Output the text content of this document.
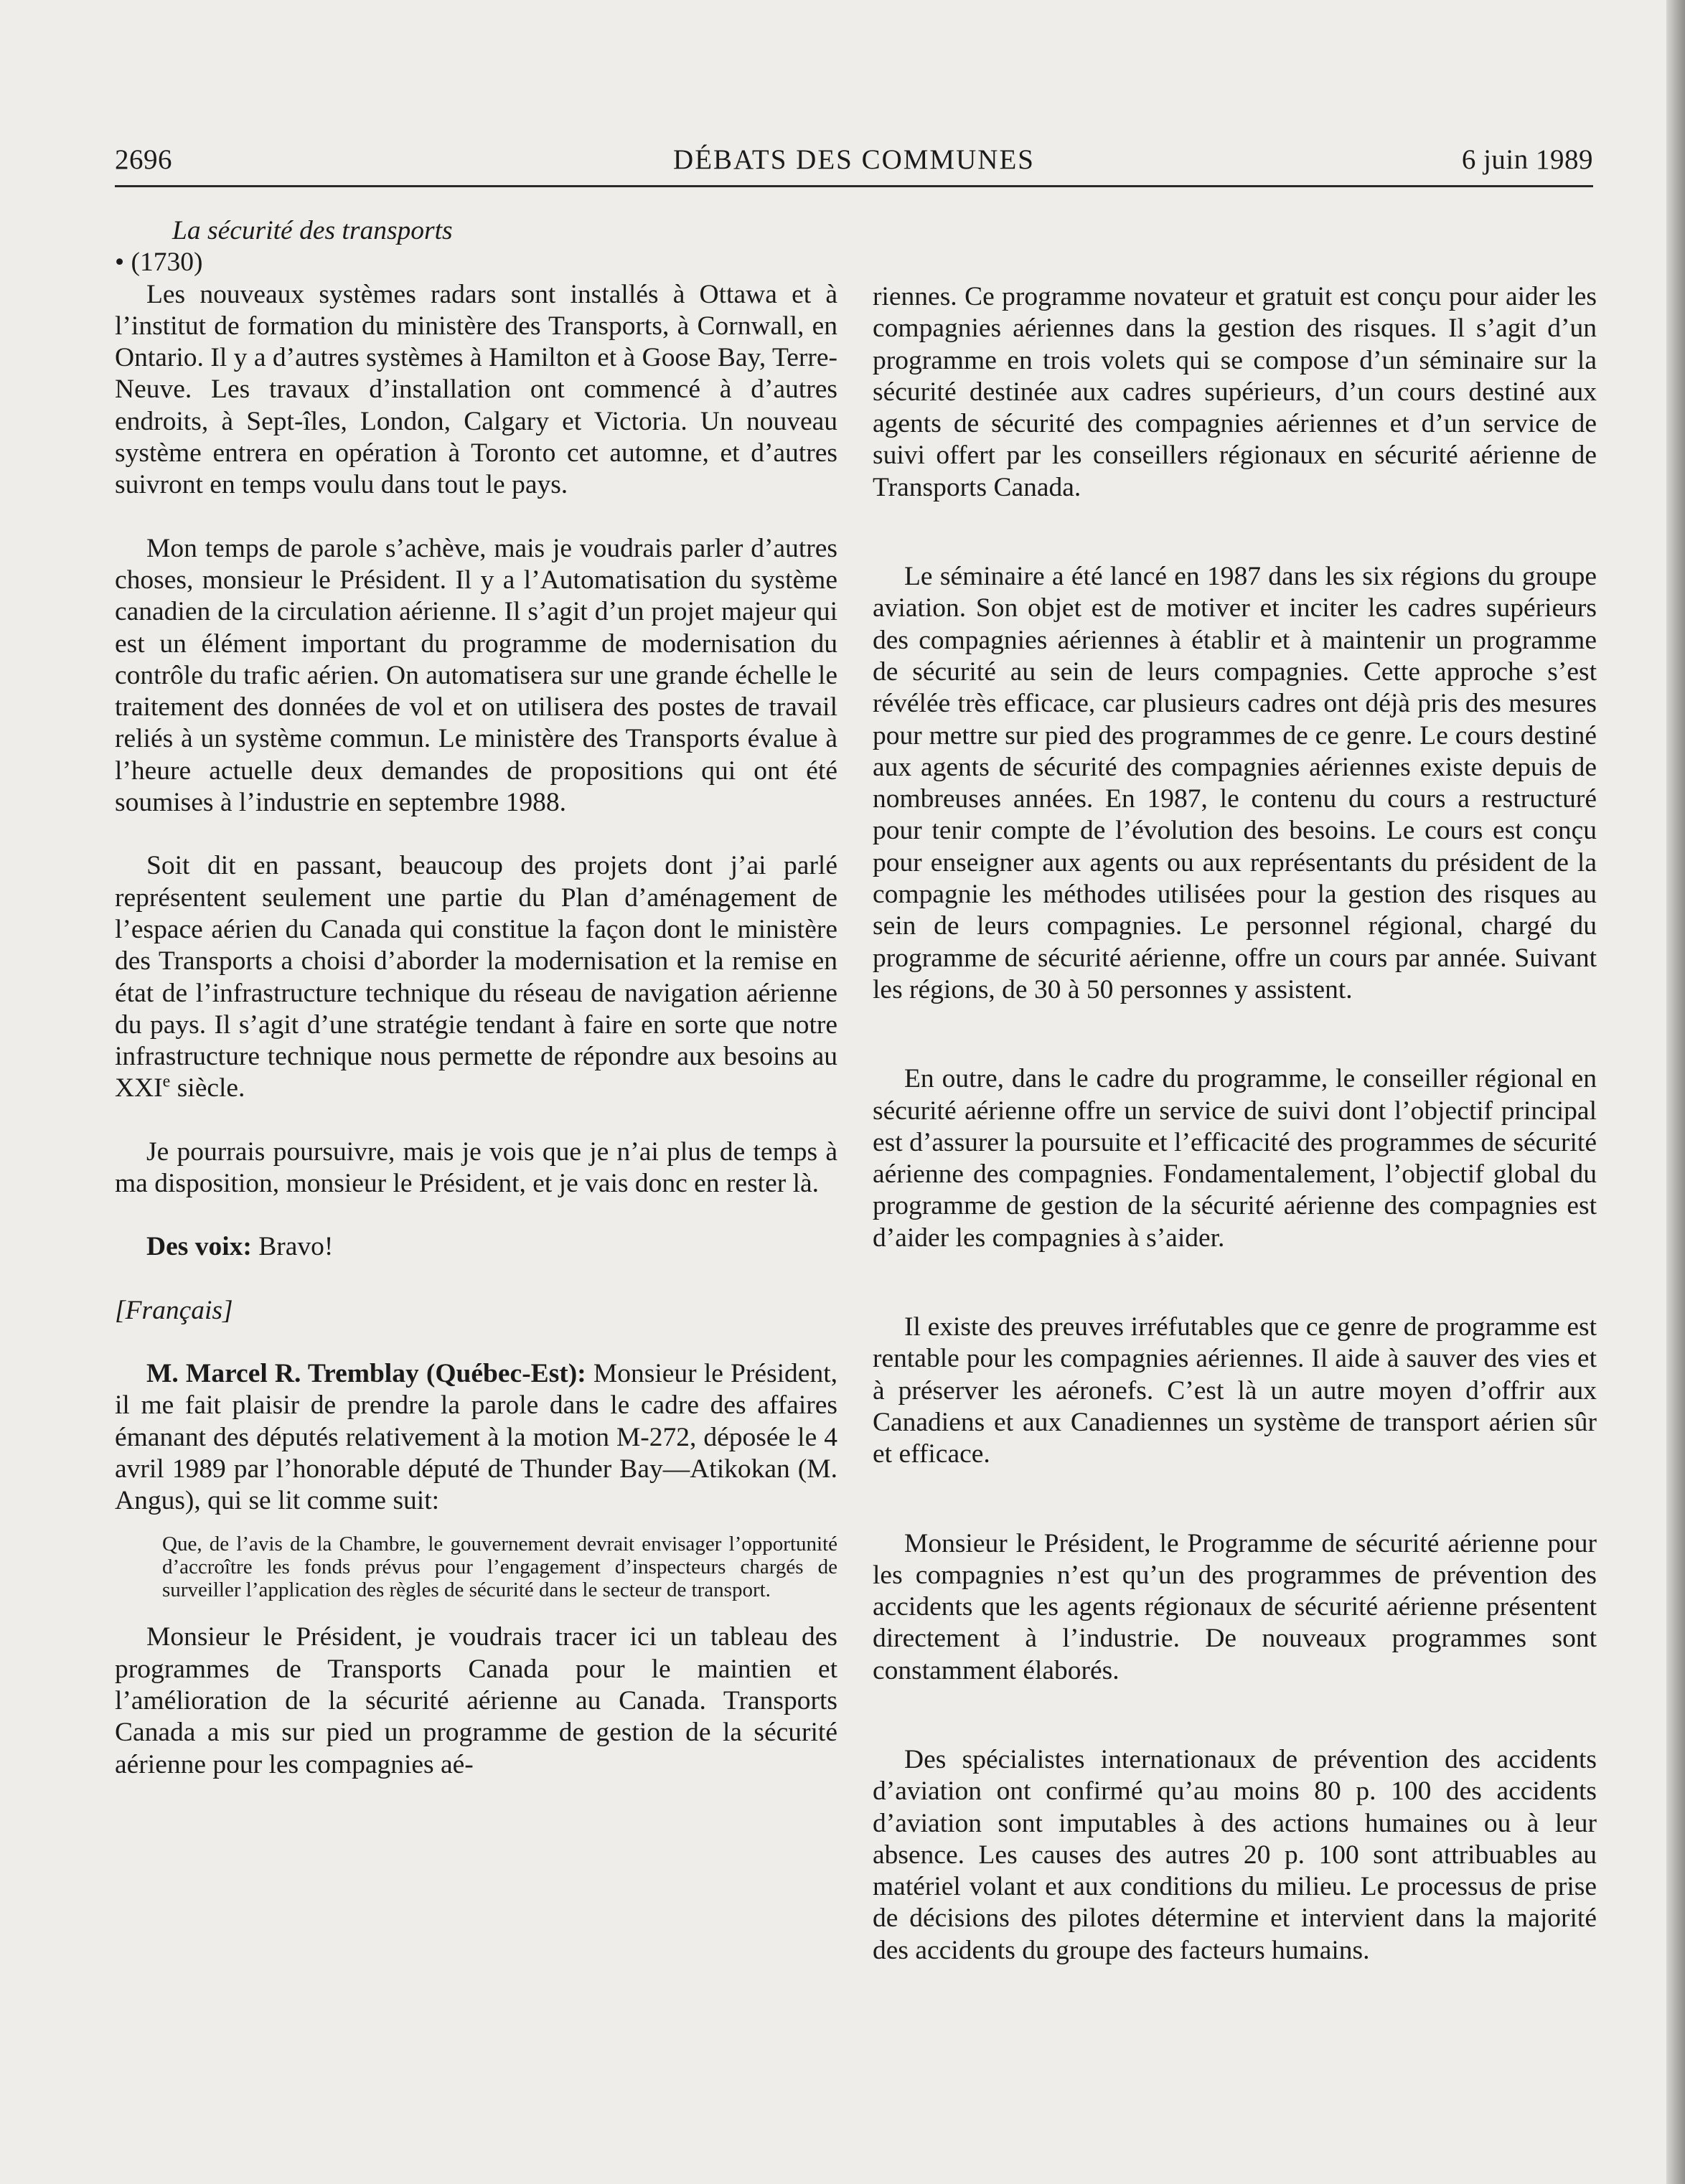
2696	DÉBATS DES COMMUNES	6 juin 1989

La sécurité des transports

• (1730)

Les nouveaux systèmes radars sont installés à Ottawa et à l’institut de formation du ministère des Transports, à Cornwall, en Ontario. Il y a d’autres systèmes à Hamilton et à Goose Bay, Terre-Neuve. Les travaux d’installation ont commencé à d’autres endroits, à Sept-îles, London, Calgary et Victoria. Un nouveau système entrera en opération à Toronto cet automne, et d’autres suivront en temps voulu dans tout le pays.

Mon temps de parole s’achève, mais je voudrais parler d’autres choses, monsieur le Président. Il y a l’Automatisation du système canadien de la circulation aérienne. Il s’agit d’un projet majeur qui est un élément important du programme de modernisation du contrôle du trafic aérien. On automatisera sur une grande échelle le traitement des données de vol et on utilisera des postes de travail reliés à un système commun. Le ministère des Transports évalue à l’heure actuelle deux demandes de propositions qui ont été soumises à l’industrie en septembre 1988.

Soit dit en passant, beaucoup des projets dont j’ai parlé représentent seulement une partie du Plan d’aménagement de l’espace aérien du Canada qui constitue la façon dont le ministère des Transports a choisi d’aborder la modernisation et la remise en état de l’infrastructure technique du réseau de navigation aérienne du pays. Il s’agit d’une stratégie tendant à faire en sorte que notre infrastructure technique nous permette de répondre aux besoins au XXIe siècle.

Je pourrais poursuivre, mais je vois que je n’ai plus de temps à ma disposition, monsieur le Président, et je vais donc en rester là.

Des voix: Bravo!

[Français]

M. Marcel R. Tremblay (Québec-Est): Monsieur le Président, il me fait plaisir de prendre la parole dans le cadre des affaires émanant des députés relativement à la motion M-272, déposée le 4 avril 1989 par l’honorable député de Thunder Bay—Atikokan (M. Angus), qui se lit comme suit:

Que, de l’avis de la Chambre, le gouvernement devrait envisager l’opportunité d’accroître les fonds prévus pour l’engagement d’inspecteurs chargés de surveiller l’application des règles de sécurité dans le secteur de transport.

Monsieur le Président, je voudrais tracer ici un tableau des programmes de Transports Canada pour le maintien et l’amélioration de la sécurité aérienne au Canada. Transports Canada a mis sur pied un programme de gestion de la sécurité aérienne pour les compagnies aé-

riennes. Ce programme novateur et gratuit est conçu pour aider les compagnies aériennes dans la gestion des risques. Il s’agit d’un programme en trois volets qui se compose d’un séminaire sur la sécurité destinée aux cadres supérieurs, d’un cours destiné aux agents de sécurité des compagnies aériennes et d’un service de suivi offert par les conseillers régionaux en sécurité aérienne de Transports Canada.

Le séminaire a été lancé en 1987 dans les six régions du groupe aviation. Son objet est de motiver et inciter les cadres supérieurs des compagnies aériennes à établir et à maintenir un programme de sécurité au sein de leurs compagnies. Cette approche s’est révélée très efficace, car plusieurs cadres ont déjà pris des mesures pour mettre sur pied des programmes de ce genre. Le cours destiné aux agents de sécurité des compagnies aériennes existe depuis de nombreuses années. En 1987, le contenu du cours a restructuré pour tenir compte de l’évolution des besoins. Le cours est conçu pour enseigner aux agents ou aux représentants du président de la compagnie les méthodes utilisées pour la gestion des risques au sein de leurs compagnies. Le personnel régional, chargé du programme de sécurité aérienne, offre un cours par année. Suivant les régions, de 30 à 50 personnes y assistent.

En outre, dans le cadre du programme, le conseiller régional en sécurité aérienne offre un service de suivi dont l’objectif principal est d’assurer la poursuite et l’efficacité des programmes de sécurité aérienne des compagnies. Fondamentalement, l’objectif global du programme de gestion de la sécurité aérienne des compagnies est d’aider les compagnies à s’aider.

Il existe des preuves irréfutables que ce genre de programme est rentable pour les compagnies aériennes. Il aide à sauver des vies et à préserver les aéronefs. C’est là un autre moyen d’offrir aux Canadiens et aux Canadiennes un système de transport aérien sûr et efficace.

Monsieur le Président, le Programme de sécurité aérienne pour les compagnies n’est qu’un des programmes de prévention des accidents que les agents régionaux de sécurité aérienne présentent directement à l’industrie. De nouveaux programmes sont constamment élaborés.

Des spécialistes internationaux de prévention des accidents d’aviation ont confirmé qu’au moins 80 p. 100 des accidents d’aviation sont imputables à des actions humaines ou à leur absence. Les causes des autres 20 p. 100 sont attribuables au matériel volant et aux conditions du milieu. Le processus de prise de décisions des pilotes détermine et intervient dans la majorité des accidents du groupe des facteurs humains.
